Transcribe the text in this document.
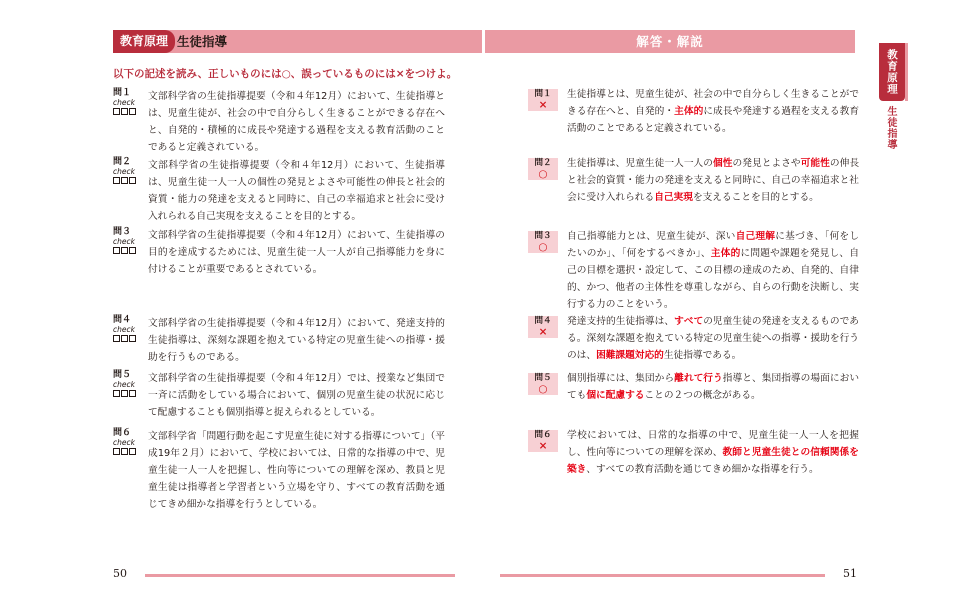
教育原理 生徒指導	解答・解説
教育原理
生徒指導
以下の記述を読み、正しいものには○、誤っているものには×をつけよ。
問１
check
文部科学省の生徒指導提要（令和４年12月）において、生徒指導とは、児童生徒が、社会の中で自分らしく生きることができる存在へと、自発的・積極的に成長や発達する過程を支える教育活動のことであると定義されている。
問２
check
文部科学省の生徒指導提要（令和４年12月）において、生徒指導は、児童生徒一人一人の個性の発見とよさや可能性の伸長と社会的資質・能力の発達を支えると同時に、自己の幸福追求と社会に受け入れられる自己実現を支えることを目的とする。
問３
check
文部科学省の生徒指導提要（令和４年12月）において、生徒指導の目的を達成するためには、児童生徒一人一人が自己指導能力を身に付けることが重要であるとされている。
問４
check
文部科学省の生徒指導提要（令和４年12月）において、発達支持的生徒指導は、深刻な課題を抱えている特定の児童生徒への指導・援助を行うものである。
問５
check
文部科学省の生徒指導提要（令和４年12月）では、授業など集団で一斉に活動をしている場合において、個別の児童生徒の状況に応じて配慮することも個別指導と捉えられるとしている。
問６
check
文部科学省「問題行動を起こす児童生徒に対する指導について」（平成19年２月）において、学校においては、日常的な指導の中で、児童生徒一人一人を把握し、性向等についての理解を深め、教員と児童生徒は指導者と学習者という立場を守り、すべての教育活動を通じてきめ細かな指導を行うとしている。
問１
×
生徒指導とは、児童生徒が、社会の中で自分らしく生きることができる存在へと、自発的・主体的に成長や発達する過程を支える教育活動のことであると定義されている。
問２
○
生徒指導は、児童生徒一人一人の個性の発見とよさや可能性の伸長と社会的資質・能力の発達を支えると同時に、自己の幸福追求と社会に受け入れられる自己実現を支えることを目的とする。
問３
○
自己指導能力とは、児童生徒が、深い自己理解に基づき、「何をしたいのか」、「何をするべきか」、主体的に問題や課題を発見し、自己の目標を選択・設定して、この目標の達成のため、自発的、自律的、かつ、他者の主体性を尊重しながら、自らの行動を決断し、実行する力のことをいう。
問４
×
発達支持的生徒指導は、すべての児童生徒の発達を支えるものである。深刻な課題を抱えている特定の児童生徒への指導・援助を行うのは、困難課題対応的生徒指導である。
問５
○
個別指導には、集団から離れて行う指導と、集団指導の場面においても個に配慮することの２つの概念がある。
問６
×
学校においては、日常的な指導の中で、児童生徒一人一人を把握し、性向等についての理解を深め、教師と児童生徒との信頼関係を築き、すべての教育活動を通じてきめ細かな指導を行う。
50	51
